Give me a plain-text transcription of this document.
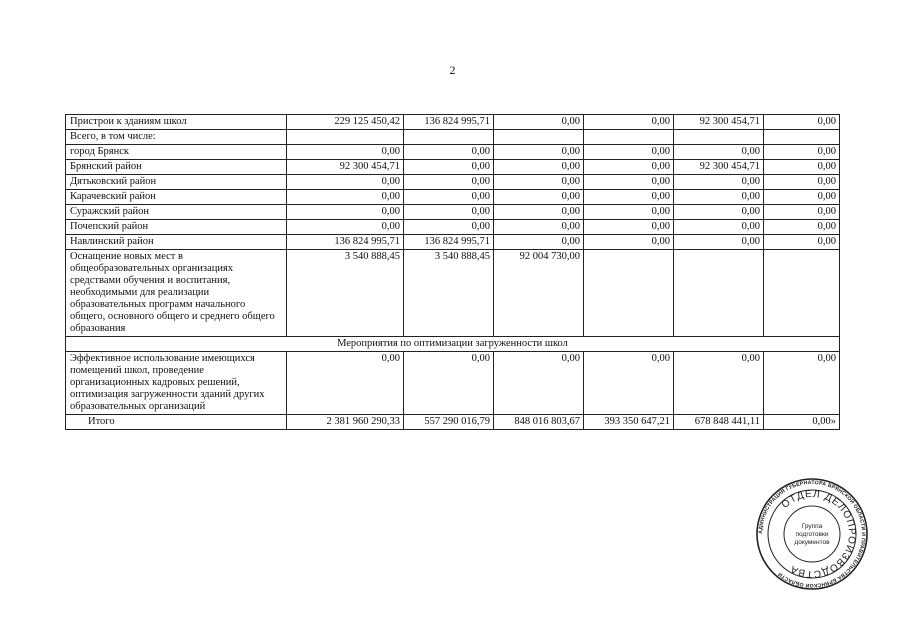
2
Пристрои к зданиям школ	229 125 450,42	136 824 995,71	0,00	0,00	92 300 454,71	0,00
Всего, в том числе:						
город Брянск	0,00	0,00	0,00	0,00	0,00	0,00
Брянский район	92 300 454,71	0,00	0,00	0,00	92 300 454,71	0,00
Дятьковский район	0,00	0,00	0,00	0,00	0,00	0,00
Карачевский район	0,00	0,00	0,00	0,00	0,00	0,00
Суражский район	0,00	0,00	0,00	0,00	0,00	0,00
Почепский район	0,00	0,00	0,00	0,00	0,00	0,00
Навлинский район	136 824 995,71	136 824 995,71	0,00	0,00	0,00	0,00
Оснащение новых мест в общеобразовательных организациях средствами обучения и воспитания, необходимыми для реализации образовательных программ начального общего, основного общего и среднего общего образования	3 540 888,45	3 540 888,45	92 004 730,00			
Мероприятия по оптимизации загруженности школ						
Эффективное использование имеющихся помещений школ, проведение организационных кадровых решений, оптимизация загруженности зданий других образовательных организаций	0,00	0,00	0,00	0,00	0,00	0,00
Итого	2 381 960 290,33	557 290 016,79	848 016 803,67	393 350 647,21	678 848 441,11	0,00»
АДМИНИСТРАЦИЯ ГУБЕРНАТОРА БРЯНСКОЙ ОБЛАСТИ И ПРАВИТЕЛЬСТВА БРЯНСКОЙ ОБЛАСТИ
ОТДЕЛ ДЕЛОПРОИЗВОДСТВА
Группа
подготовки
документов
